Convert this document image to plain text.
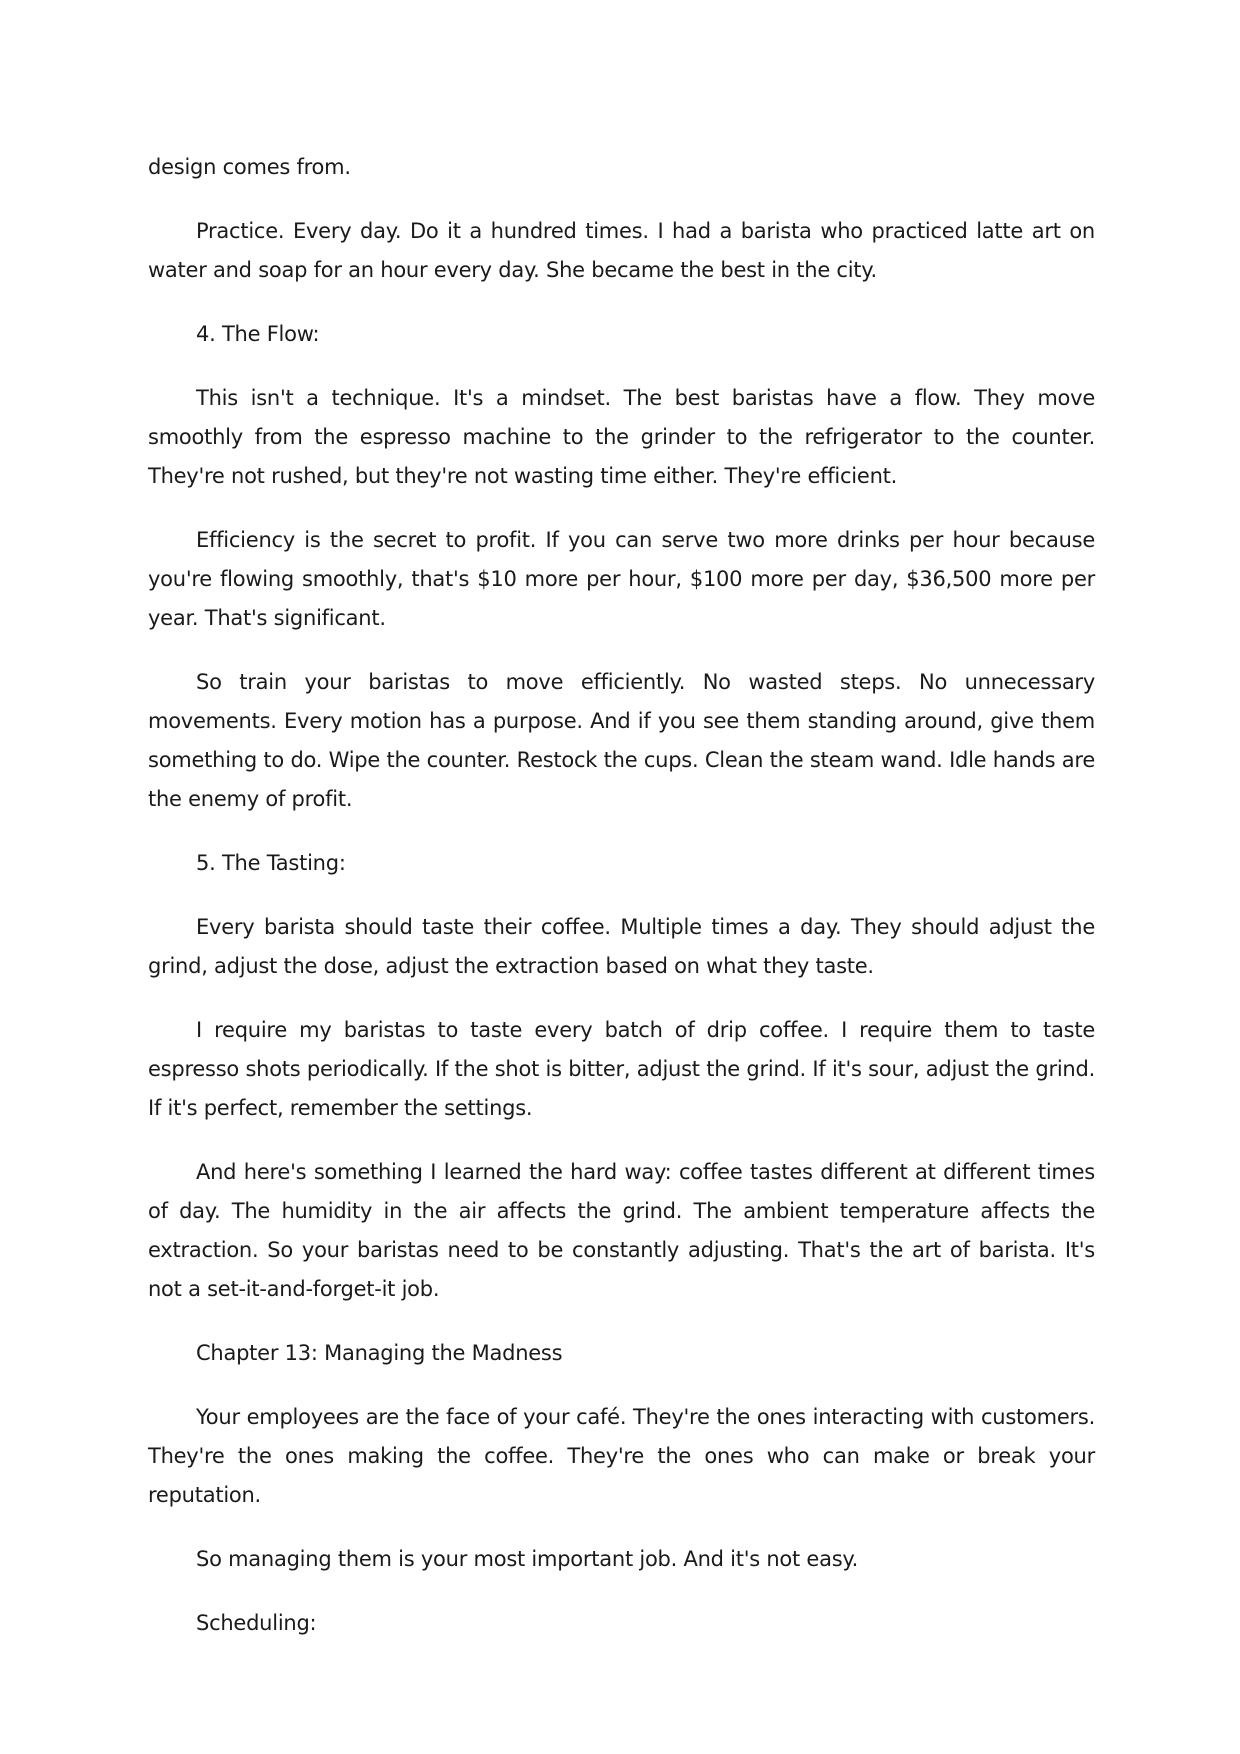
design comes from.

Practice. Every day. Do it a hundred times. I had a barista who practiced latte art on water and soap for an hour every day. She became the best in the city.

4. The Flow:

This isn't a technique. It's a mindset. The best baristas have a flow. They move smoothly from the espresso machine to the grinder to the refrigerator to the counter. They're not rushed, but they're not wasting time either. They're efficient.

Efficiency is the secret to profit. If you can serve two more drinks per hour because you're flowing smoothly, that's $10 more per hour, $100 more per day, $36,500 more per year. That's significant.

So train your baristas to move efficiently. No wasted steps. No unnecessary movements. Every motion has a purpose. And if you see them standing around, give them something to do. Wipe the counter. Restock the cups. Clean the steam wand. Idle hands are the enemy of profit.

5. The Tasting:

Every barista should taste their coffee. Multiple times a day. They should adjust the grind, adjust the dose, adjust the extraction based on what they taste.

I require my baristas to taste every batch of drip coffee. I require them to taste espresso shots periodically. If the shot is bitter, adjust the grind. If it's sour, adjust the grind. If it's perfect, remember the settings.

And here's something I learned the hard way: coffee tastes different at different times of day. The humidity in the air affects the grind. The ambient temperature affects the extraction. So your baristas need to be constantly adjusting. That's the art of barista. It's not a set-it-and-forget-it job.

Chapter 13: Managing the Madness

Your employees are the face of your café. They're the ones interacting with customers. They're the ones making the coffee. They're the ones who can make or break your reputation.

So managing them is your most important job. And it's not easy.

Scheduling:
